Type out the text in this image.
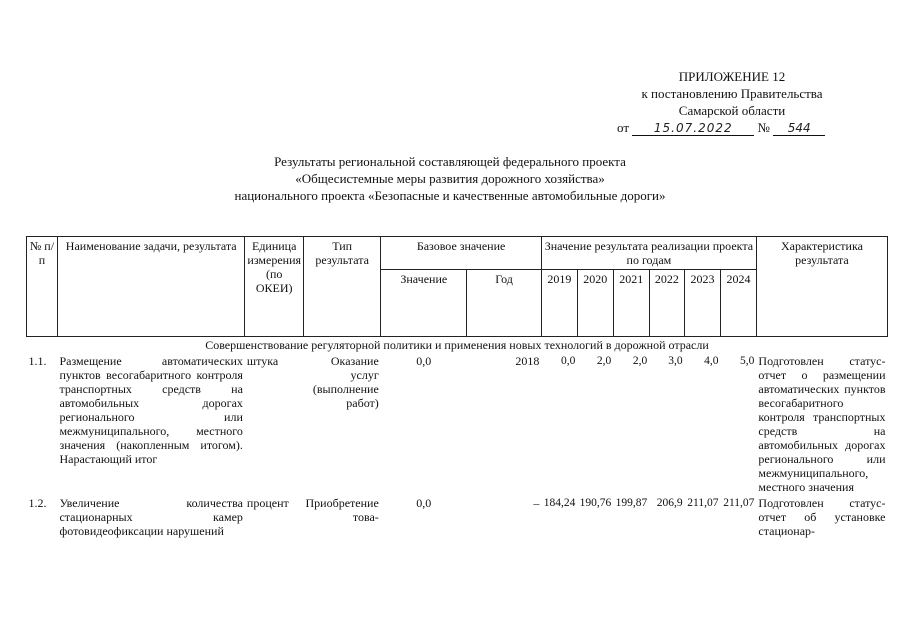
ПРИЛОЖЕНИЕ 12
к постановлению Правительства
Самарской области
от 15.07.2022 № 544
Результаты региональной составляющей федерального проекта
«Общесистемные меры развития дорожного хозяйства»
национального проекта «Безопасные и качественные автомобильные дороги»
№ п/п	Наименование задачи, результата	Единица измерения (по ОКЕИ)	Тип результата	Базовое значение		Значение результата реализации проекта по годам						Характеристика результата
				Значение	Год	2019	2020	2021	2022	2023	2024	
Совершенствование регуляторной политики и применения новых технологий в дорожной отрасли												
1.1.	Размещение автоматических пунктов весогабаритного контроля транспортных средств на автомобильных дорогах регионального или межмуниципального, местного значения (накопленным итогом). Нарастающий итог	штука	Оказание услуг (выполнение работ)	0,0	2018	0,0	2,0	2,0	3,0	4,0	5,0	Подготовлен статус-отчет о размещении автоматических пунктов весогабаритного контроля транспортных средств на автомобильных дорогах регионального или межмуниципального, местного значения
1.2.	Увеличение количества стационарных камер фотовидеофиксации нарушений	процент	Приобретение това-	0,0	–	184,24	190,76	199,87	206,9	211,07	211,07	Подготовлен статус-отчет об установке стационар-
